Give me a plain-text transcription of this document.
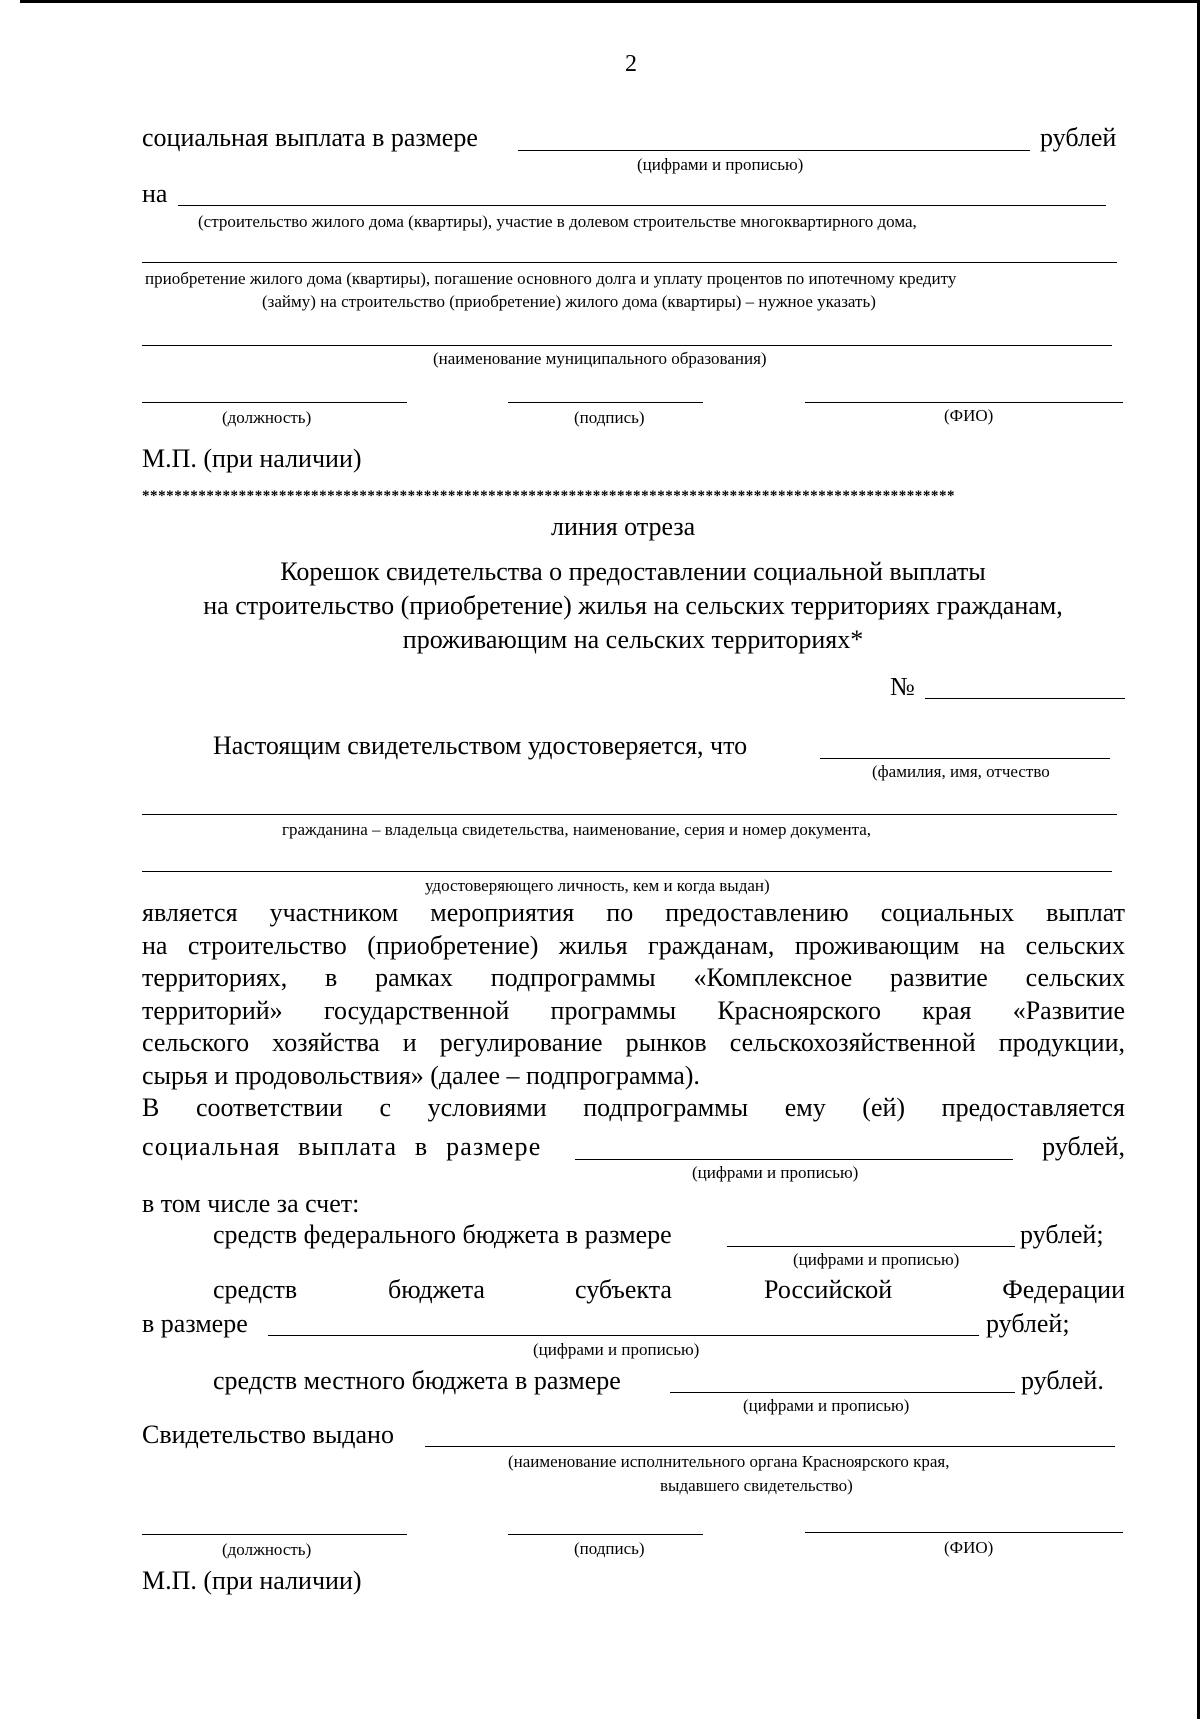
2
социальная выплата в размере	рублей
(цифрами и прописью)
на
(строительство жилого дома (квартиры), участие в долевом строительстве многоквартирного дома,
приобретение жилого дома (квартиры), погашение основного долга и уплату процентов по ипотечному кредиту
(займу) на строительство (приобретение) жилого дома (квартиры) – нужное указать)
(наименование муниципального образования)
(должность)	(подпись)	(ФИО)
М.П. (при наличии)
*****************************************************************************************************
линия отреза
Корешок свидетельства о предоставлении социальной выплаты
на строительство (приобретение) жилья на сельских территориях гражданам,
проживающим на сельских территориях*
№
Настоящим свидетельством удостоверяется, что
(фамилия, имя, отчество
гражданина – владельца свидетельства, наименование, серия и номер документа,
удостоверяющего личность, кем и когда выдан)
является участником мероприятия по предоставлению социальных выплат
на строительство (приобретение) жилья гражданам, проживающим на сельских
территориях, в рамках подпрограммы «Комплексное развитие сельских
территорий» государственной программы Красноярского края «Развитие
сельского хозяйства и регулирование рынков сельскохозяйственной продукции,
сырья и продовольствия» (далее – подпрограмма).
В соответствии с условиями подпрограммы ему (ей) предоставляется
социальная выплата в размере	рублей,
(цифрами и прописью)
в том числе за счет:
средств федерального бюджета в размере	рублей;
(цифрами и прописью)
средств	бюджета	субъекта	Российской	Федерации
в размере	рублей;
(цифрами и прописью)
средств местного бюджета в размере	рублей.
(цифрами и прописью)
Свидетельство выдано
(наименование исполнительного органа Красноярского края,
выдавшего свидетельство)
(должность)	(подпись)	(ФИО)
М.П. (при наличии)
